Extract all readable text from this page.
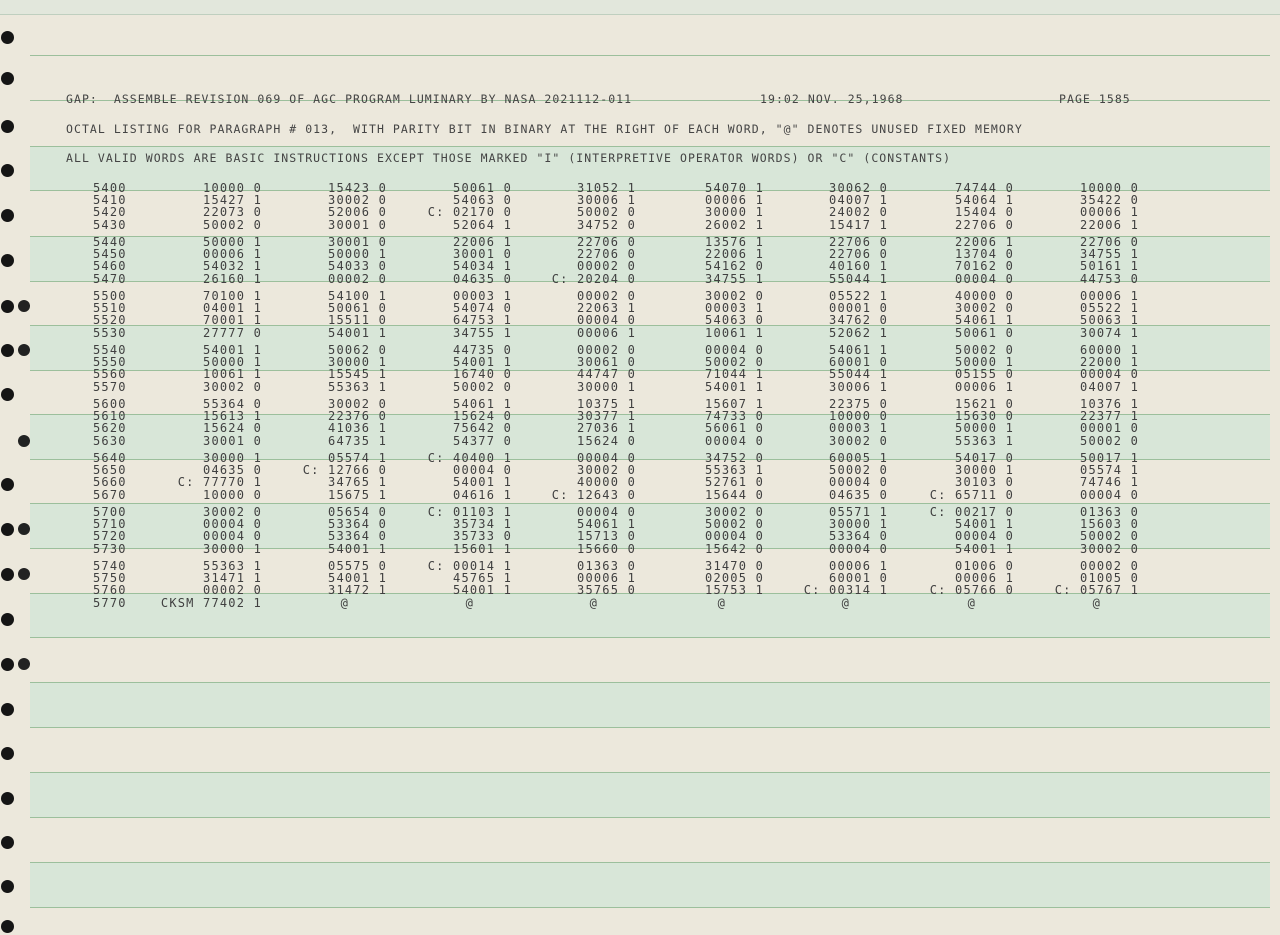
GAP:  ASSEMBLE REVISION 069 OF AGC PROGRAM LUMINARY BY NASA 2021112-011	19:02 NOV. 25,1968	PAGE 1585
OCTAL LISTING FOR PARAGRAPH # 013,  WITH PARITY BIT IN BINARY AT THE RIGHT OF EACH WORD, "@" DENOTES UNUSED FIXED MEMORY
ALL VALID WORDS ARE BASIC INSTRUCTIONS EXCEPT THOSE MARKED "I" (INTERPRETIVE OPERATOR WORDS) OR "C" (CONSTANTS)
5400	10000 0	15423 0	50061 0	31052 1	54070 1	30062 0	74744 0	10000 0
5410	15427 1	30002 0	54063 0	30006 1	00006 1	04007 1	54064 1	35422 0
5420	22073 0	52006 0	C: 02170 0	50002 0	30000 1	24002 0	15404 0	00006 1
5430	50002 0	30001 0	52064 1	34752 0	26002 1	15417 1	22706 0	22006 1
5440	50000 1	30001 0	22006 1	22706 0	13576 1	22706 0	22006 1	22706 0
5450	00006 1	50000 1	30001 0	22706 0	22006 1	22706 0	13704 0	34755 1
5460	54032 1	54033 0	54034 1	00002 0	54162 0	40160 1	70162 0	50161 1
5470	26160 1	00002 0	04635 0	C: 20204 0	34755 1	55044 1	00004 0	44753 0
5500	70100 1	54100 1	00003 1	00002 0	30002 0	05522 1	40000 0	00006 1
5510	04001 1	50061 0	54074 0	22063 1	00003 1	00001 0	30002 0	05522 1
5520	70001 1	15511 0	64753 1	00004 0	54063 0	34762 0	54061 1	50063 1
5530	27777 0	54001 1	34755 1	00006 1	10061 1	52062 1	50061 0	30074 1
5540	54001 1	50062 0	44735 0	00002 0	00004 0	54061 1	50002 0	60000 1
5550	50000 1	30000 1	54001 1	30061 0	50002 0	60001 0	50000 1	22000 1
5560	10061 1	15545 1	16740 0	44747 0	71044 1	55044 1	05155 0	00004 0
5570	30002 0	55363 1	50002 0	30000 1	54001 1	30006 1	00006 1	04007 1
5600	55364 0	30002 0	54061 1	10375 1	15607 1	22375 0	15621 0	10376 1
5610	15613 1	22376 0	15624 0	30377 1	74733 0	10000 0	15630 0	22377 1
5620	15624 0	41036 1	75642 0	27036 1	56061 0	00003 1	50000 1	00001 0
5630	30001 0	64735 1	54377 0	15624 0	00004 0	30002 0	55363 1	50002 0
5640	30000 1	05574 1	C: 40400 1	00004 0	34752 0	60005 1	54017 0	50017 1
5650	04635 0	C: 12766 0	00004 0	30002 0	55363 1	50002 0	30000 1	05574 1
5660	C: 77770 1	34765 1	54001 1	40000 0	52761 0	00004 0	30103 0	74746 1
5670	10000 0	15675 1	04616 1	C: 12643 0	15644 0	04635 0	C: 65711 0	00004 0
5700	30002 0	05654 0	C: 01103 1	00004 0	30002 0	05571 1	C: 00217 0	01363 0
5710	00004 0	53364 0	35734 1	54061 1	50002 0	30000 1	54001 1	15603 0
5720	00004 0	53364 0	35733 0	15713 0	00004 0	53364 0	00004 0	50002 0
5730	30000 1	54001 1	15601 1	15660 0	15642 0	00004 0	54001 1	30002 0
5740	55363 1	05575 0	C: 00014 1	01363 0	31470 0	00006 1	01006 0	00002 0
5750	31471 1	54001 1	45765 1	00006 1	02005 0	60001 0	00006 1	01005 0
5760	00002 0	31472 1	54001 1	35765 0	15753 1	C: 00314 1	C: 05766 0	C: 05767 1
5770	CKSM 77402 1	@	@	@	@	@	@	@
